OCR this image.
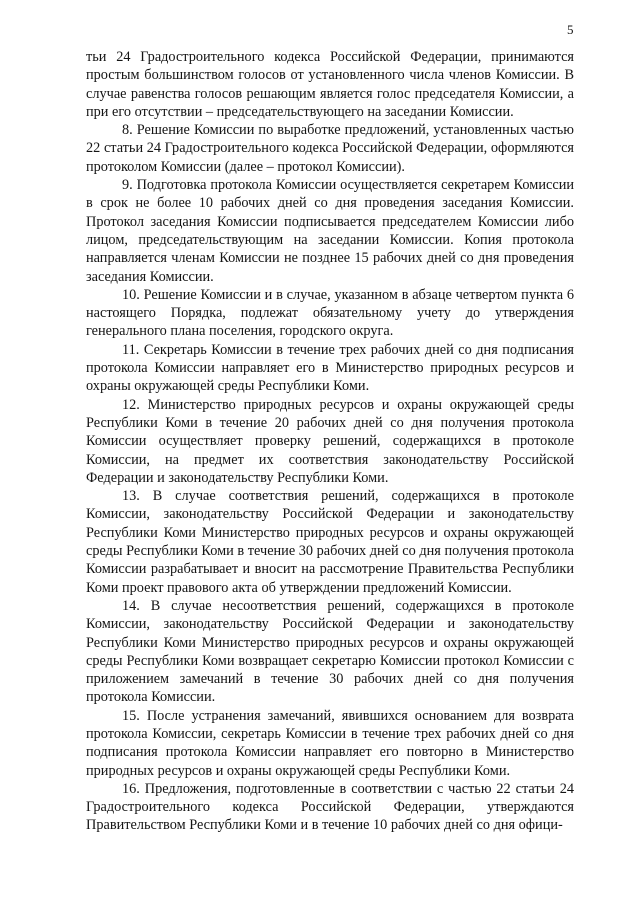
5

тьи 24 Градостроительного кодекса Российской Федерации, принимаются простым большинством голосов от установленного числа членов Комиссии. В случае равенства голосов решающим является голос председателя Комиссии, а при его отсутствии – председательствующего на заседании Комиссии.

8. Решение Комиссии по выработке предложений, установленных частью 22 статьи 24 Градостроительного кодекса Российской Федерации, оформляются протоколом Комиссии (далее – протокол Комиссии).

9. Подготовка протокола Комиссии осуществляется секретарем Комиссии в срок не более 10 рабочих дней со дня проведения заседания Комиссии. Протокол заседания Комиссии подписывается председателем Комиссии либо лицом, председательствующим на заседании Комиссии. Копия протокола направляется членам Комиссии не позднее 15 рабочих дней со дня проведения заседания Комиссии.

10. Решение Комиссии и в случае, указанном в абзаце четвертом пункта 6 настоящего Порядка, подлежат обязательному учету до утверждения генерального плана поселения, городского округа.

11. Секретарь Комиссии в течение трех рабочих дней со дня подписания протокола Комиссии направляет его в Министерство природных ресурсов и охраны окружающей среды Республики Коми.

12. Министерство природных ресурсов и охраны окружающей среды Республики Коми в течение 20 рабочих дней со дня получения протокола Комиссии осуществляет проверку решений, содержащихся в протоколе Комиссии, на предмет их соответствия законодательству Российской Федерации и законодательству Республики Коми.

13. В случае соответствия решений, содержащихся в протоколе Комиссии, законодательству Российской Федерации и законодательству Республики Коми Министерство природных ресурсов и охраны окружающей среды Республики Коми в течение 30 рабочих дней со дня получения протокола Комиссии разрабатывает и вносит на рассмотрение Правительства Республики Коми проект правового акта об утверждении предложений Комиссии.

14. В случае несоответствия решений, содержащихся в протоколе Комиссии, законодательству Российской Федерации и законодательству Республики Коми Министерство природных ресурсов и охраны окружающей среды Республики Коми возвращает секретарю Комиссии протокол Комиссии с приложением замечаний в течение 30 рабочих дней со дня получения протокола Комиссии.

15. После устранения замечаний, явившихся основанием для возврата протокола Комиссии, секретарь Комиссии в течение трех рабочих дней со дня подписания протокола Комиссии направляет его повторно в Министерство природных ресурсов и охраны окружающей среды Республики Коми.

16. Предложения, подготовленные в соответствии с частью 22 статьи 24 Градостроительного кодекса Российской Федерации, утверждаются Правительством Республики Коми и в течение 10 рабочих дней со дня офици-
